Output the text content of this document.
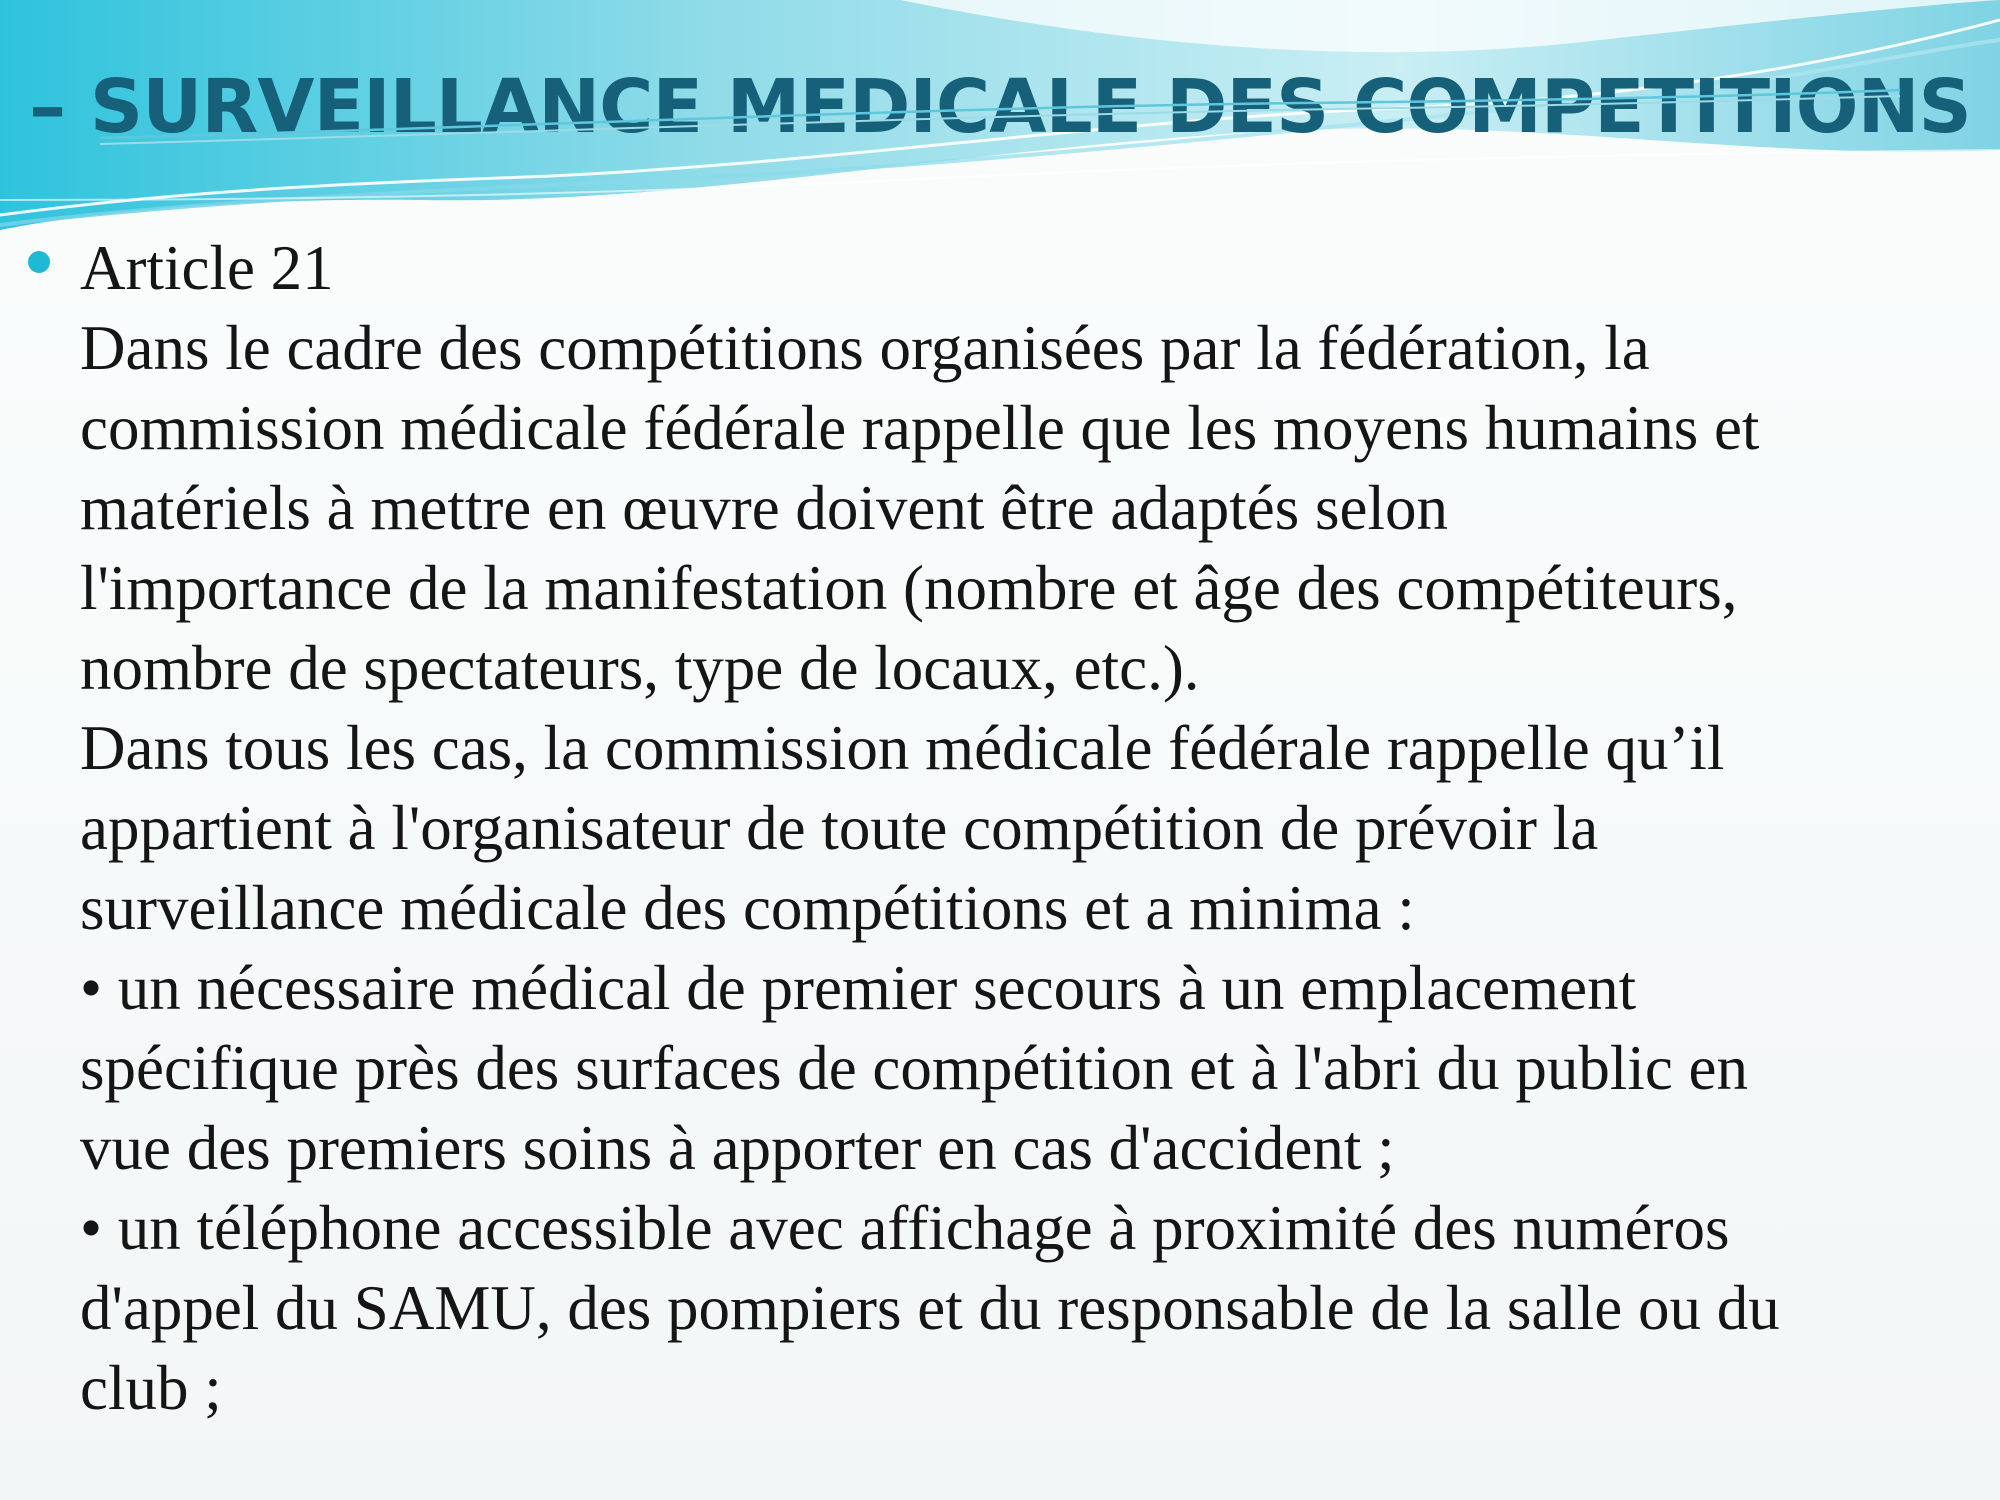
– SURVEILLANCE MEDICALE DES COMPETITIONS

Article 21

Dans le cadre des compétitions organisées par la fédération, la

commission médicale fédérale rappelle que les moyens humains et

matériels à mettre en œuvre doivent être adaptés selon

l'importance de la manifestation (nombre et âge des compétiteurs,

nombre de spectateurs, type de locaux, etc.).

Dans tous les cas, la commission médicale fédérale rappelle qu’il

appartient à l'organisateur de toute compétition de prévoir la

surveillance médicale des compétitions et a minima :

• un nécessaire médical de premier secours à un emplacement

spécifique près des surfaces de compétition et à l'abri du public en

vue des premiers soins à apporter en cas d'accident ;

• un téléphone accessible avec affichage à proximité des numéros

d'appel du SAMU, des pompiers et du responsable de la salle ou du

club ;
